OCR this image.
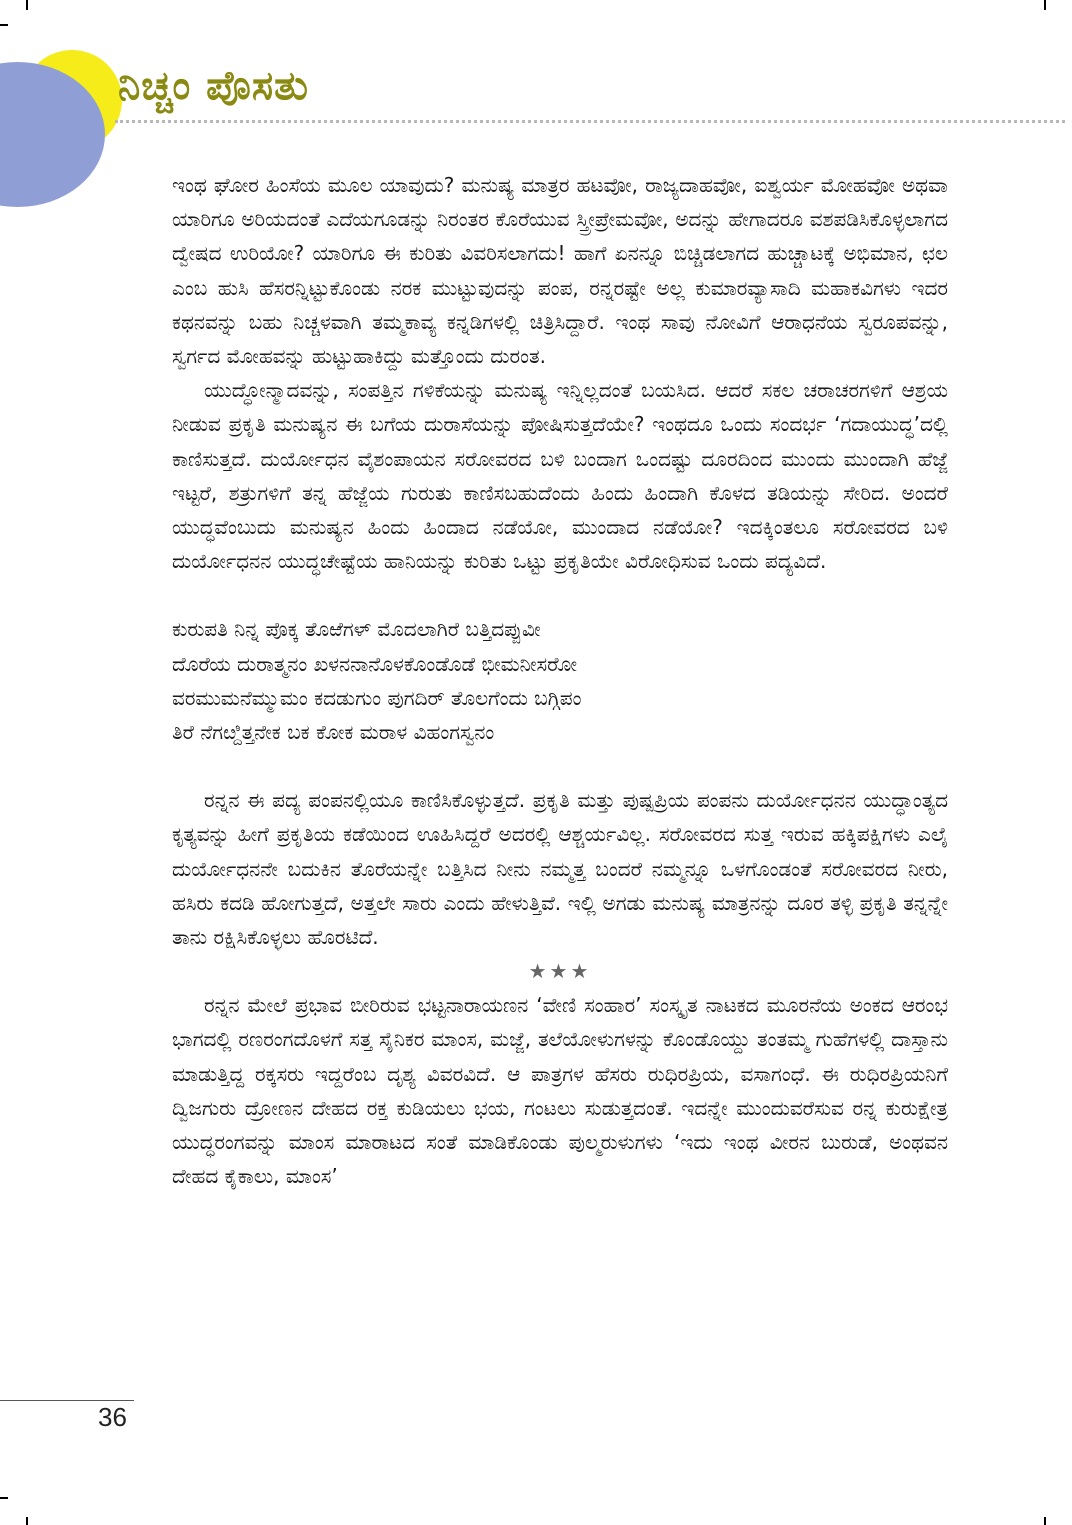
ನಿಚ್ಚಂ ಪೊಸತು

ಇಂಥ ಘೋರ ಹಿಂಸೆಯ ಮೂಲ ಯಾವುದು? ಮನುಷ್ಯ ಮಾತ್ರರ ಹಟವೋ, ರಾಜ್ಯದಾಹವೋ, ಐಶ್ವರ್ಯ ಮೋಹವೋ ಅಥವಾ ಯಾರಿಗೂ ಅರಿಯದಂತೆ ಎದೆಯಗೂಡನ್ನು ನಿರಂತರ ಕೊರೆಯುವ ಸ್ತ್ರೀಪ್ರೇಮವೋ, ಅದನ್ನು ಹೇಗಾದರೂ ವಶಪಡಿಸಿಕೊಳ್ಳಲಾಗದ ದ್ವೇಷದ ಉರಿಯೋ? ಯಾರಿಗೂ ಈ ಕುರಿತು ವಿವರಿಸಲಾಗದು! ಹಾಗೆ ಏನನ್ನೂ ಬಿಚ್ಚಿಡಲಾಗದ ಹುಚ್ಚಾಟಕ್ಕೆ ಅಭಿಮಾನ, ಛಲ ಎಂಬ ಹುಸಿ ಹೆಸರನ್ನಿಟ್ಟುಕೊಂಡು ನರಕ ಮುಟ್ಟುವುದನ್ನು ಪಂಪ, ರನ್ನರಷ್ಟೇ ಅಲ್ಲ ಕುಮಾರವ್ಯಾಸಾದಿ ಮಹಾಕವಿಗಳು ಇದರ ಕಥನವನ್ನು ಬಹು ನಿಚ್ಚಳವಾಗಿ ತಮ್ಮಕಾವ್ಯ ಕನ್ನಡಿಗಳಲ್ಲಿ ಚಿತ್ರಿಸಿದ್ದಾರೆ. ಇಂಥ ಸಾವು ನೋವಿಗೆ ಆರಾಧನೆಯ ಸ್ವರೂಪವನ್ನು, ಸ್ವರ್ಗದ ಮೋಹವನ್ನು ಹುಟ್ಟುಹಾಕಿದ್ದು ಮತ್ತೊಂದು ದುರಂತ.

ಯುದ್ಧೋನ್ಮಾದವನ್ನು, ಸಂಪತ್ತಿನ ಗಳಿಕೆಯನ್ನು ಮನುಷ್ಯ ಇನ್ನಿಲ್ಲದಂತೆ ಬಯಸಿದ. ಆದರೆ ಸಕಲ ಚರಾಚರಗಳಿಗೆ ಆಶ್ರಯ ನೀಡುವ ಪ್ರಕೃತಿ ಮನುಷ್ಯನ ಈ ಬಗೆಯ ದುರಾಸೆಯನ್ನು ಪೋಷಿಸುತ್ತದೆಯೇ? ಇಂಥದೂ ಒಂದು ಸಂದರ್ಭ ‘ಗದಾಯುದ್ಧ’ದಲ್ಲಿ ಕಾಣಿಸುತ್ತದೆ. ದುರ್ಯೋಧನ ವೈಶಂಪಾಯನ ಸರೋವರದ ಬಳಿ ಬಂದಾಗ ಒಂದಷ್ಟು ದೂರದಿಂದ ಮುಂದು ಮುಂದಾಗಿ ಹೆಜ್ಜೆ ಇಟ್ಟರೆ, ಶತ್ರುಗಳಿಗೆ ತನ್ನ ಹೆಜ್ಜೆಯ ಗುರುತು ಕಾಣಿಸಬಹುದೆಂದು ಹಿಂದು ಹಿಂದಾಗಿ ಕೊಳದ ತಡಿಯನ್ನು ಸೇರಿದ. ಅಂದರೆ ಯುದ್ಧವೆಂಬುದು ಮನುಷ್ಯನ ಹಿಂದು ಹಿಂದಾದ ನಡೆಯೋ, ಮುಂದಾದ ನಡೆಯೋ? ಇದಕ್ಕಿಂತಲೂ ಸರೋವರದ ಬಳಿ ದುರ್ಯೋಧನನ ಯುದ್ಧಚೇಷ್ಟೆಯ ಹಾನಿಯನ್ನು ಕುರಿತು ಒಟ್ಟು ಪ್ರಕೃತಿಯೇ ವಿರೋಧಿಸುವ ಒಂದು ಪದ್ಯವಿದೆ.

ಕುರುಪತಿ ನಿನ್ನ ಪೊಕ್ಕ ತೊಱೆಗಳ್ ಮೊದಲಾಗಿರೆ ಬತ್ತಿದಪ್ಪುವೀ
ದೊರೆಯ ದುರಾತ್ಮನಂ ಖಳನನಾನೊಳಕೊಂಡೊಡೆ ಭೀಮನೀಸರೋ
ವರಮುಮನೆಮ್ಮುಮಂ ಕದಡುಗುಂ ಪುಗದಿರ್ ತೊಲಗೆಂದು ಬಗ್ಗಿಪಂ
ತಿರೆ ನೆಗೞ್ದಿತ್ತನೇಕ ಬಕ ಕೋಕ ಮರಾಳ ವಿಹಂಗಸ್ವನಂ

ರನ್ನನ ಈ ಪದ್ಯ ಪಂಪನಲ್ಲಿಯೂ ಕಾಣಿಸಿಕೊಳ್ಳುತ್ತದೆ. ಪ್ರಕೃತಿ ಮತ್ತು ಪುಷ್ಪಪ್ರಿಯ ಪಂಪನು ದುರ್ಯೋಧನನ ಯುದ್ಧಾಂತ್ಯದ ಕೃತ್ಯವನ್ನು ಹೀಗೆ ಪ್ರಕೃತಿಯ ಕಡೆಯಿಂದ ಊಹಿಸಿದ್ದರೆ ಅದರಲ್ಲಿ ಆಶ್ಚರ್ಯವಿಲ್ಲ. ಸರೋವರದ ಸುತ್ತ ಇರುವ ಹಕ್ಕಿಪಕ್ಷಿಗಳು ಎಲೈ ದುರ್ಯೋಧನನೇ ಬದುಕಿನ ತೊರೆಯನ್ನೇ ಬತ್ತಿಸಿದ ನೀನು ನಮ್ಮತ್ತ ಬಂದರೆ ನಮ್ಮನ್ನೂ ಒಳಗೊಂಡಂತೆ ಸರೋವರದ ನೀರು, ಹಸಿರು ಕದಡಿ ಹೋಗುತ್ತದೆ, ಅತ್ತಲೇ ಸಾರು ಎಂದು ಹೇಳುತ್ತಿವೆ. ಇಲ್ಲಿ ಅಗಡು ಮನುಷ್ಯ ಮಾತ್ರನನ್ನು ದೂರ ತಳ್ಳಿ ಪ್ರಕೃತಿ ತನ್ನನ್ನೇ ತಾನು ರಕ್ಷಿಸಿಕೊಳ್ಳಲು ಹೊರಟಿದೆ.

★★★

ರನ್ನನ ಮೇಲೆ ಪ್ರಭಾವ ಬೀರಿರುವ ಭಟ್ಟನಾರಾಯಣನ ‘ವೇಣಿ ಸಂಹಾರ’ ಸಂಸ್ಕೃತ ನಾಟಕದ ಮೂರನೆಯ ಅಂಕದ ಆರಂಭ ಭಾಗದಲ್ಲಿ ರಣರಂಗದೊಳಗೆ ಸತ್ತ ಸೈನಿಕರ ಮಾಂಸ, ಮಜ್ಜೆ, ತಲೆಯೋಳುಗಳನ್ನು ಕೊಂಡೊಯ್ದು ತಂತಮ್ಮ ಗುಹೆಗಳಲ್ಲಿ ದಾಸ್ತಾನು ಮಾಡುತ್ತಿದ್ದ ರಕ್ಕಸರು ಇದ್ದರೆಂಬ ದೃಶ್ಯ ವಿವರವಿದೆ. ಆ ಪಾತ್ರಗಳ ಹೆಸರು ರುಧಿರಪ್ರಿಯ, ವಸಾಗಂಧೆ. ಈ ರುಧಿರಪ್ರಿಯನಿಗೆ ದ್ವಿಜಗುರು ದ್ರೋಣನ ದೇಹದ ರಕ್ತ ಕುಡಿಯಲು ಭಯ, ಗಂಟಲು ಸುಡುತ್ತದಂತೆ. ಇದನ್ನೇ ಮುಂದುವರೆಸುವ ರನ್ನ ಕುರುಕ್ಷೇತ್ರ ಯುದ್ಧರಂಗವನ್ನು ಮಾಂಸ ಮಾರಾಟದ ಸಂತೆ ಮಾಡಿಕೊಂಡು ಪುಲ್ಮರುಳುಗಳು ‘ಇದು ಇಂಥ ವೀರನ ಬುರುಡೆ, ಅಂಥವನ ದೇಹದ ಕೈಕಾಲು, ಮಾಂಸ’

36
